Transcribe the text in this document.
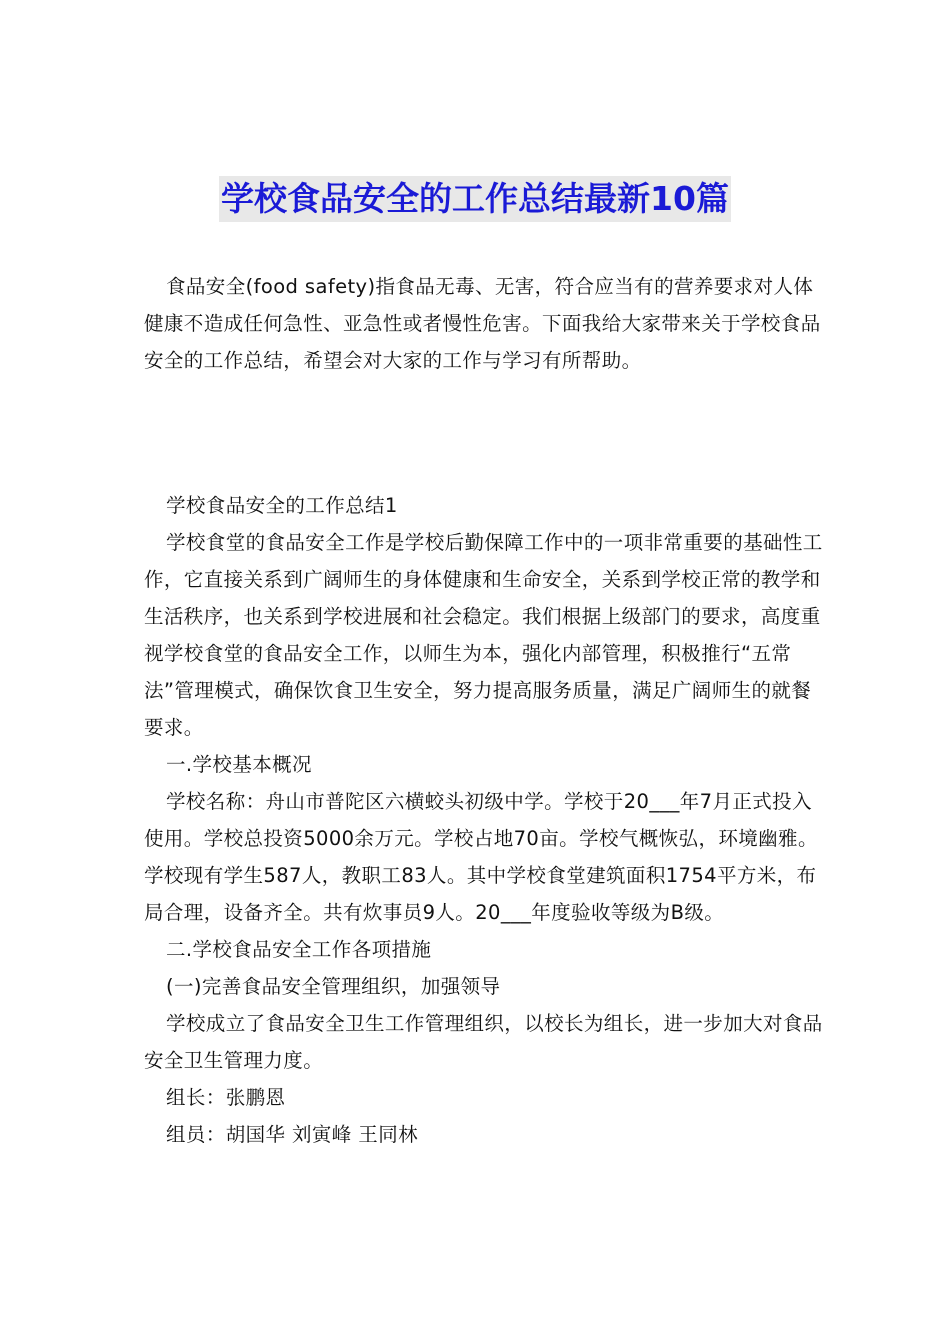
学校食品安全的工作总结最新10篇

食品安全(food safety)指食品无毒、无害，符合应当有的营养要求对人体健康不造成任何急性、亚急性或者慢性危害。下面我给大家带来关于学校食品安全的工作总结，希望会对大家的工作与学习有所帮助。

学校食品安全的工作总结1

学校食堂的食品安全工作是学校后勤保障工作中的一项非常重要的基础性工作，它直接关系到广阔师生的身体健康和生命安全，关系到学校正常的教学和生活秩序，也关系到学校进展和社会稳定。我们根据上级部门的要求，高度重视学校食堂的食品安全工作，以师生为本，强化内部管理，积极推行“五常法”管理模式，确保饮食卫生安全，努力提高服务质量，满足广阔师生的就餐要求。

一.学校基本概况

学校名称：舟山市普陀区六横蛟头初级中学。学校于20___年7月正式投入使用。学校总投资5000余万元。学校占地70亩。学校气概恢弘，环境幽雅。学校现有学生587人，教职工83人。其中学校食堂建筑面积1754平方米，布局合理，设备齐全。共有炊事员9人。20___年度验收等级为B级。

二.学校食品安全工作各项措施

(一)完善食品安全管理组织，加强领导

学校成立了食品安全卫生工作管理组织，以校长为组长，进一步加大对食品安全卫生管理力度。

组长：张鹏恩

组员：胡国华 刘寅峰 王同林
